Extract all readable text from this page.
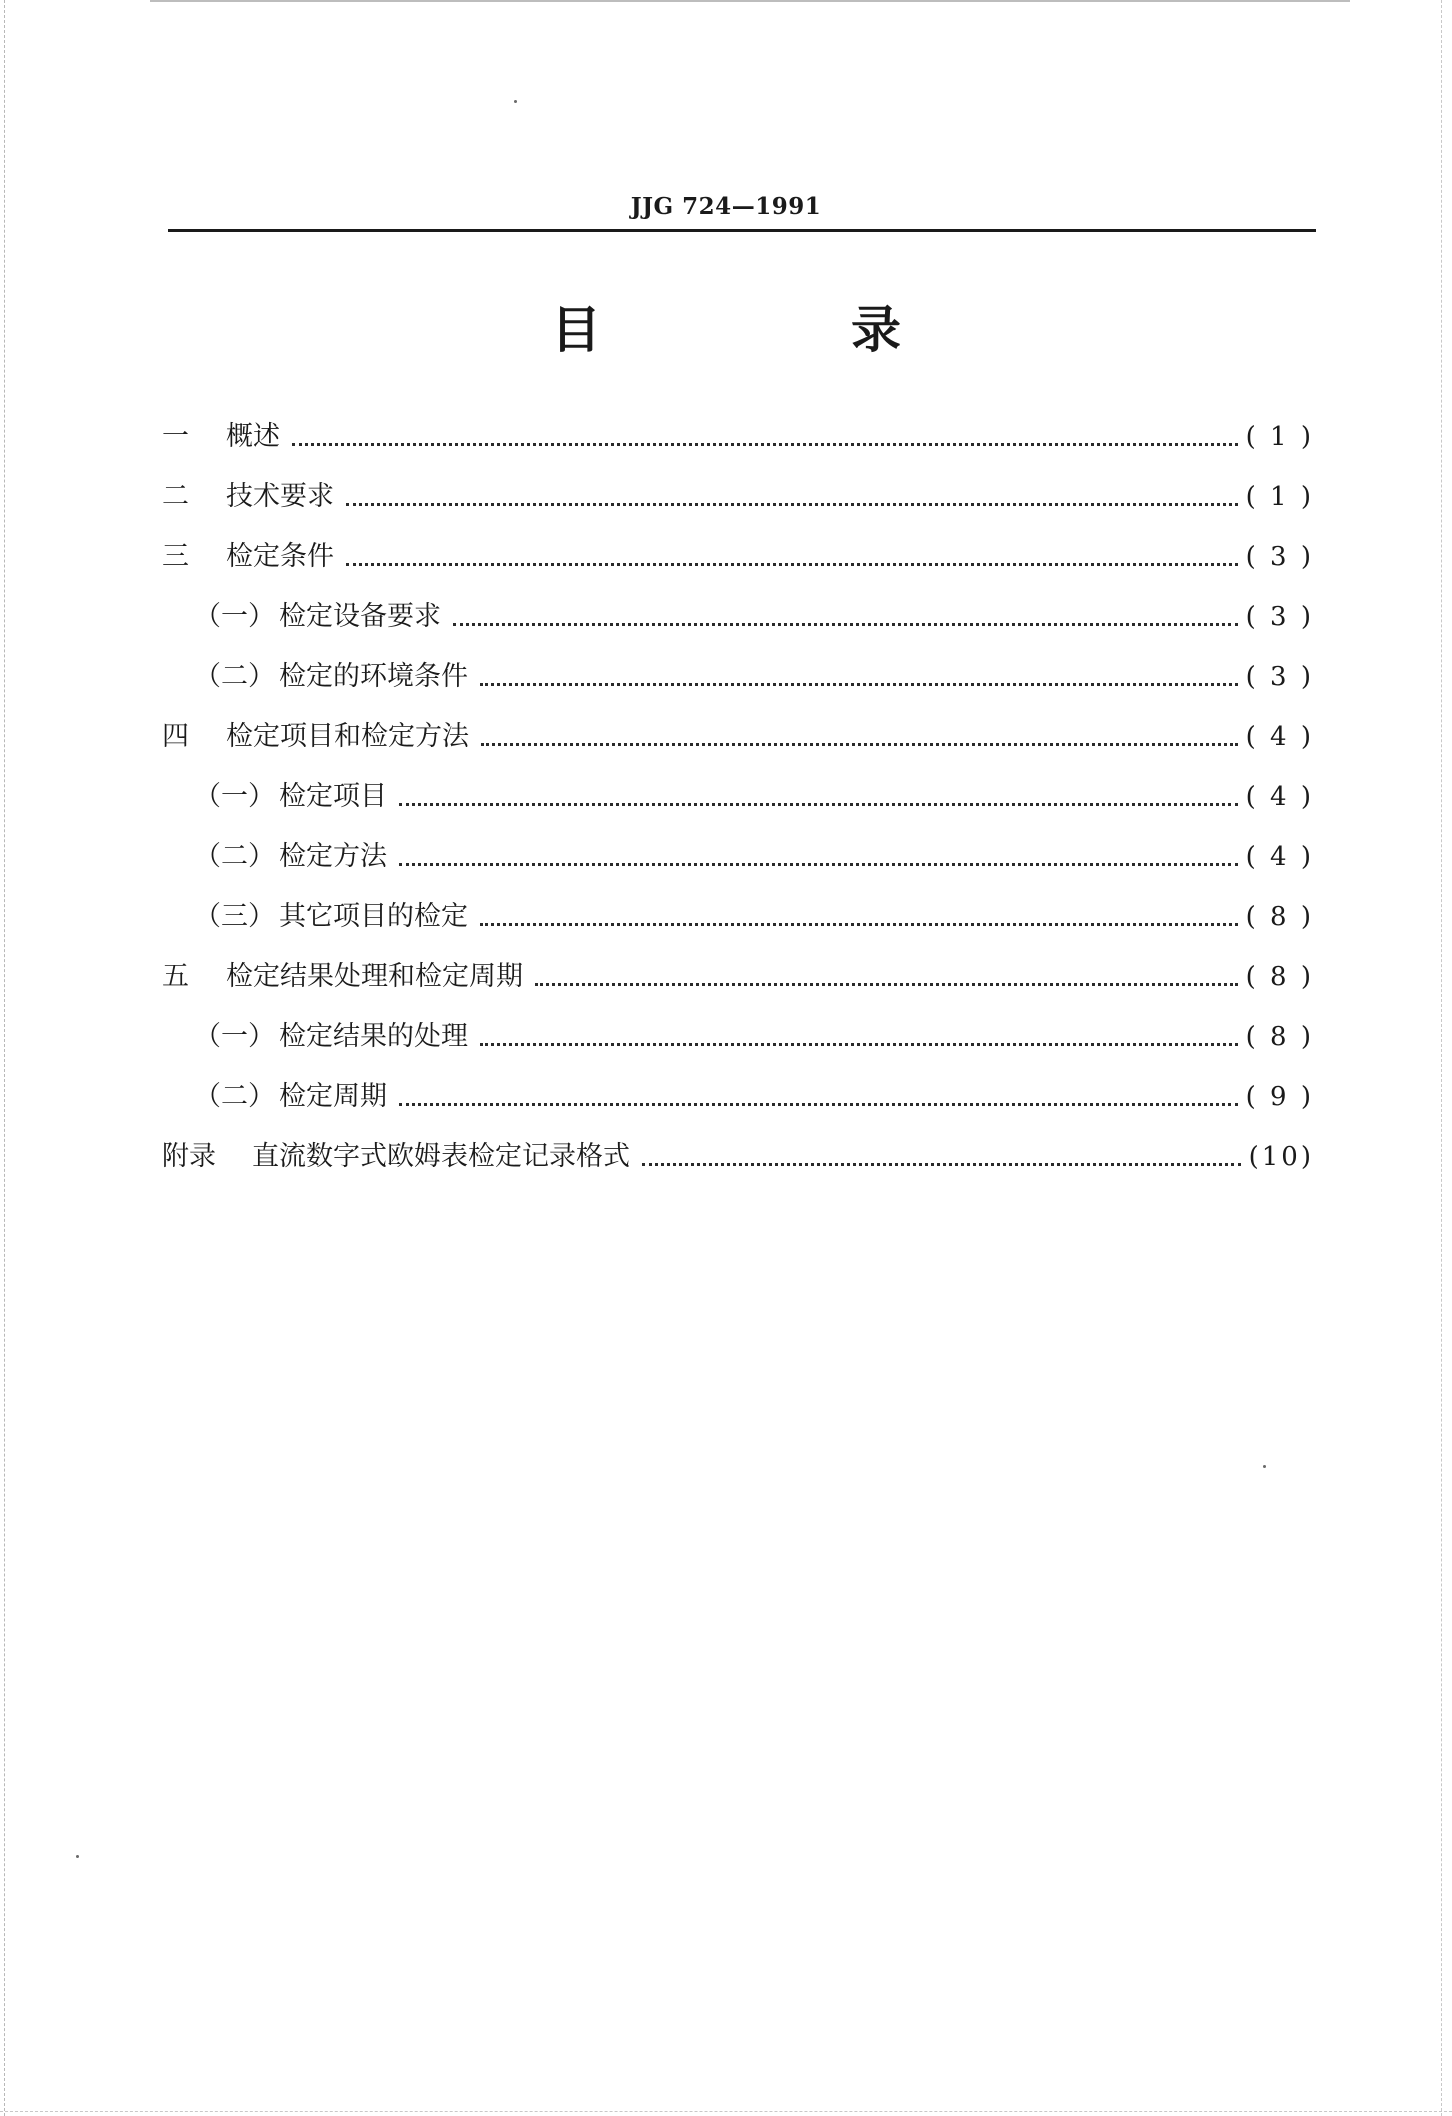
JJG 724—1991
目　录
一	概述	( 1 )
二	技术要求	( 1 )
三	检定条件	( 3 )
（一） 检定设备要求	( 3 )
（二） 检定的环境条件	( 3 )
四	检定项目和检定方法	( 4 )
（一） 检定项目	( 4 )
（二） 检定方法	( 4 )
（三） 其它项目的检定	( 8 )
五	检定结果处理和检定周期	( 8 )
（一） 检定结果的处理	( 8 )
（二） 检定周期	( 9 )
附录	直流数字式欧姆表检定记录格式	(10)
